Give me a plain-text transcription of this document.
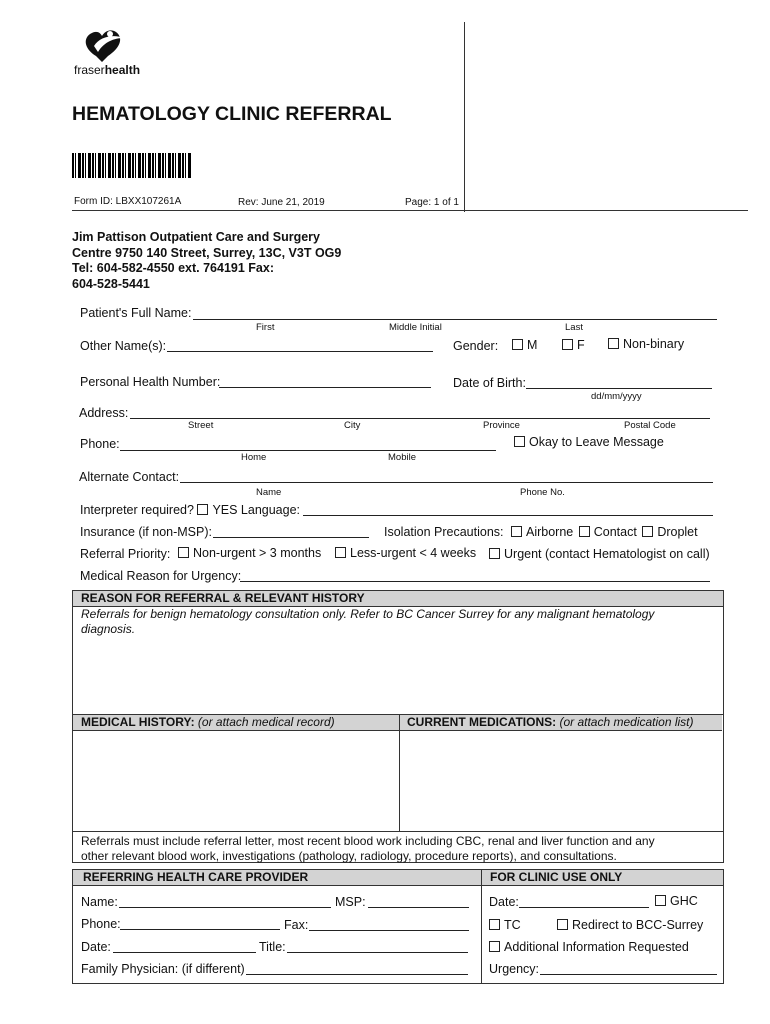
fraserhealth
HEMATOLOGY CLINIC REFERRAL
Form ID: LBXX107261A	Rev: June 21, 2019	Page: 1 of 1
Jim Pattison Outpatient Care and Surgery
Centre 9750 140 Street, Surrey, 13C, V3T OG9
Tel: 604-582-4550 ext. 764191 Fax:
604-528-5441
Patient's Full Name:
First	Middle Initial	Last
Other Name(s):	Gender:	M	F	Non-binary
Personal Health Number:	Date of Birth:
dd/mm/yyyy
Address:
Street	City	Province	Postal Code
Phone:	Okay to Leave Message
Home	Mobile
Alternate Contact:
Name	Phone No.
Interpreter required? YES Language:
Insurance (if non-MSP):	Isolation Precautions:	Airborne Contact Droplet
Referral Priority:	Non-urgent > 3 months	Less-urgent < 4 weeks	Urgent (contact Hematologist on call)
Medical Reason for Urgency:
REASON FOR REFERRAL & RELEVANT HISTORY
Referrals for benign hematology consultation only. Refer to BC Cancer Surrey for any malignant hematology
diagnosis.
MEDICAL HISTORY: (or attach medical record)	CURRENT MEDICATIONS: (or attach medication list)
Referrals must include referral letter, most recent blood work including CBC, renal and liver function and any
other relevant blood work, investigations (pathology, radiology, procedure reports), and consultations.
REFERRING HEALTH CARE PROVIDER	FOR CLINIC USE ONLY
Name:	MSP:
Phone:	Fax:
Date:	Title:
Family Physician: (if different)
Date:	GHC
TC	Redirect to BCC-Surrey
Additional Information Requested
Urgency:
